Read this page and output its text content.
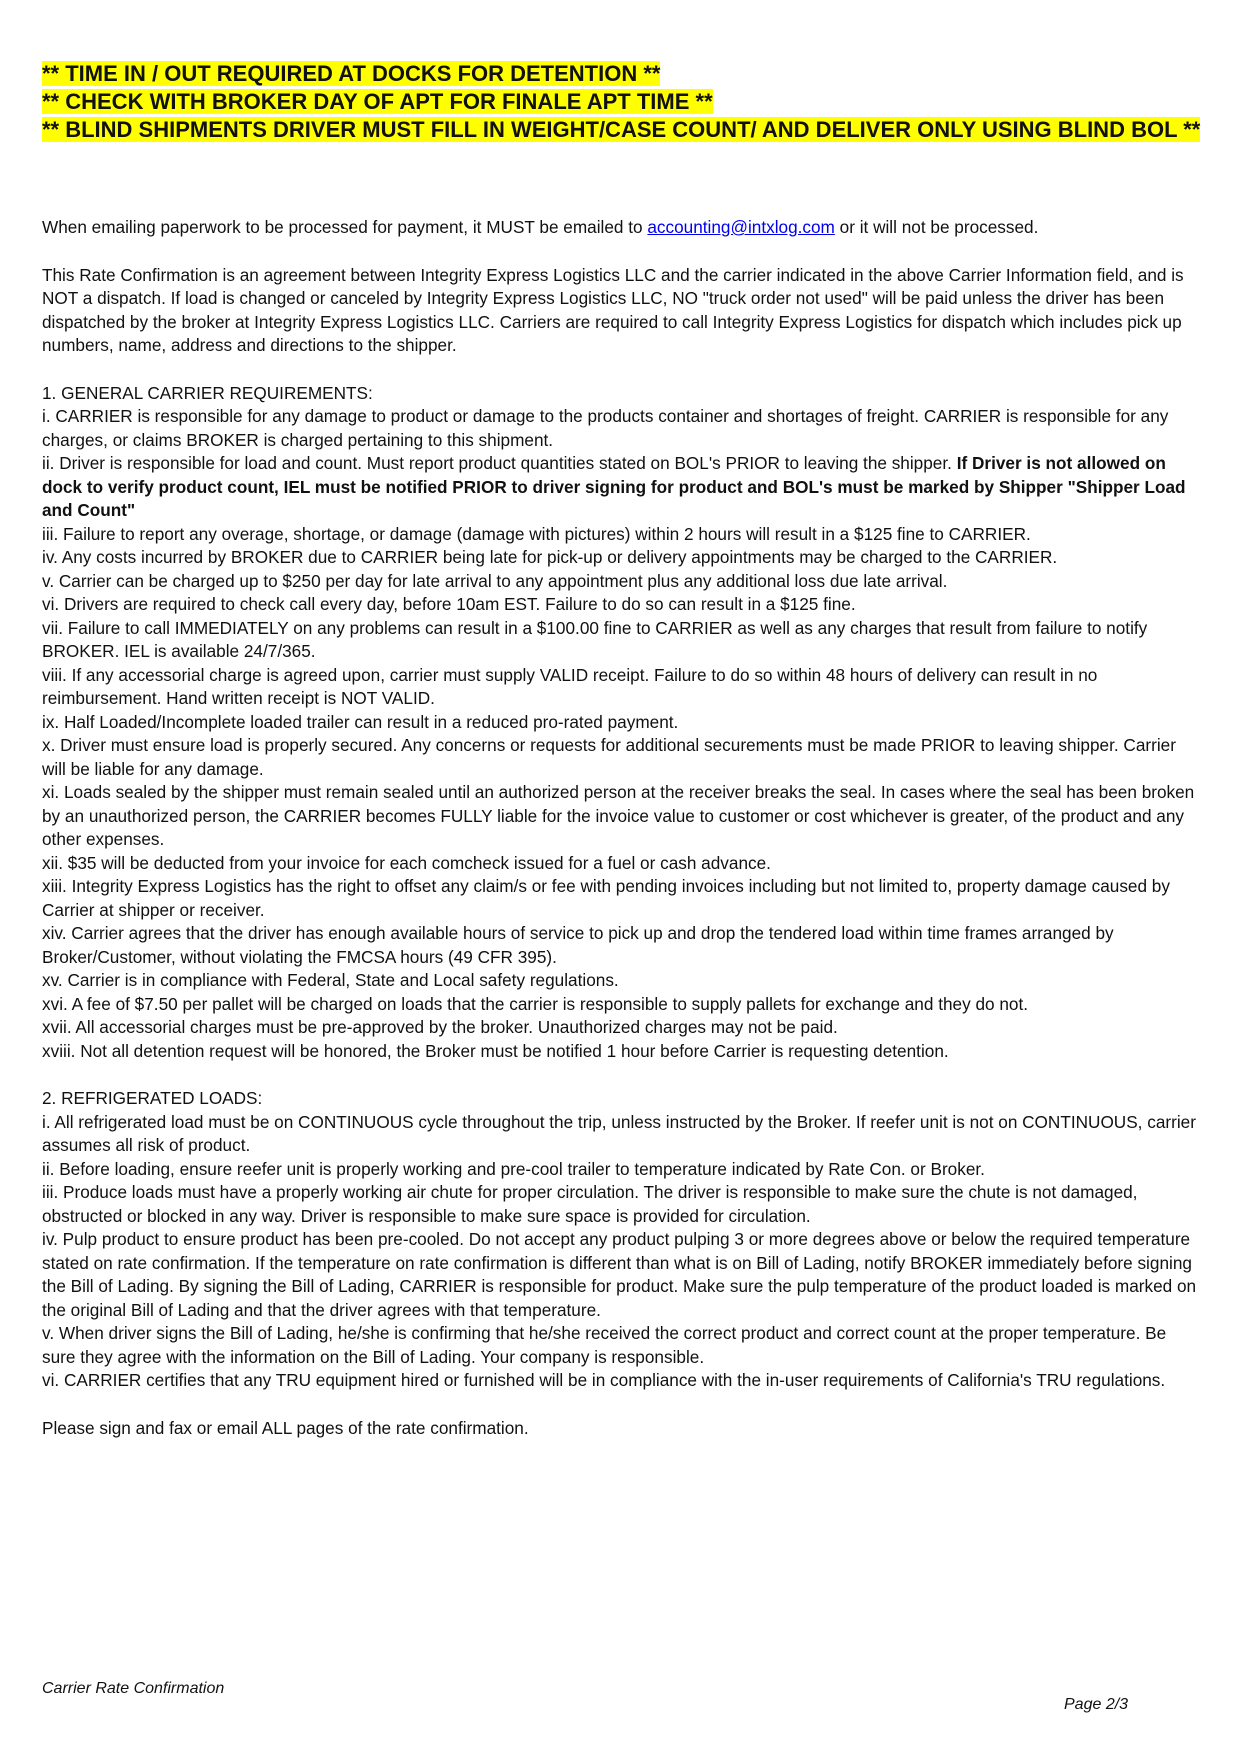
** TIME IN / OUT REQUIRED AT DOCKS FOR DETENTION **
** CHECK WITH BROKER DAY OF APT FOR FINALE APT TIME **
** BLIND SHIPMENTS DRIVER MUST FILL IN WEIGHT/CASE COUNT/ AND DELIVER ONLY USING BLIND BOL **

When emailing paperwork to be processed for payment, it MUST be emailed to accounting@intxlog.com or it will not be processed.

This Rate Confirmation is an agreement between Integrity Express Logistics LLC and the carrier indicated in the above Carrier Information field, and is NOT a dispatch. If load is changed or canceled by Integrity Express Logistics LLC, NO "truck order not used" will be paid unless the driver has been dispatched by the broker at Integrity Express Logistics LLC. Carriers are required to call Integrity Express Logistics for dispatch which includes pick up numbers, name, address and directions to the shipper.

1. GENERAL CARRIER REQUIREMENTS:

i. CARRIER is responsible for any damage to product or damage to the products container and shortages of freight. CARRIER is responsible for any charges, or claims BROKER is charged pertaining to this shipment.

ii. Driver is responsible for load and count. Must report product quantities stated on BOL's PRIOR to leaving the shipper. If Driver is not allowed on dock to verify product count, IEL must be notified PRIOR to driver signing for product and BOL's must be marked by Shipper "Shipper Load and Count"

iii. Failure to report any overage, shortage, or damage (damage with pictures) within 2 hours will result in a $125 fine to CARRIER.

iv. Any costs incurred by BROKER due to CARRIER being late for pick-up or delivery appointments may be charged to the CARRIER.

v. Carrier can be charged up to $250 per day for late arrival to any appointment plus any additional loss due late arrival.

vi. Drivers are required to check call every day, before 10am EST. Failure to do so can result in a $125 fine.

vii. Failure to call IMMEDIATELY on any problems can result in a $100.00 fine to CARRIER as well as any charges that result from failure to notify BROKER. IEL is available 24/7/365.

viii. If any accessorial charge is agreed upon, carrier must supply VALID receipt. Failure to do so within 48 hours of delivery can result in no reimbursement. Hand written receipt is NOT VALID.

ix. Half Loaded/Incomplete loaded trailer can result in a reduced pro-rated payment.

x. Driver must ensure load is properly secured. Any concerns or requests for additional securements must be made PRIOR to leaving shipper. Carrier will be liable for any damage.

xi. Loads sealed by the shipper must remain sealed until an authorized person at the receiver breaks the seal. In cases where the seal has been broken by an unauthorized person, the CARRIER becomes FULLY liable for the invoice value to customer or cost whichever is greater, of the product and any other expenses.

xii. $35 will be deducted from your invoice for each comcheck issued for a fuel or cash advance.

xiii. Integrity Express Logistics has the right to offset any claim/s or fee with pending invoices including but not limited to, property damage caused by Carrier at shipper or receiver.

xiv. Carrier agrees that the driver has enough available hours of service to pick up and drop the tendered load within time frames arranged by Broker/Customer, without violating the FMCSA hours (49 CFR 395).

xv. Carrier is in compliance with Federal, State and Local safety regulations.

xvi. A fee of $7.50 per pallet will be charged on loads that the carrier is responsible to supply pallets for exchange and they do not.

xvii. All accessorial charges must be pre-approved by the broker. Unauthorized charges may not be paid.

xviii. Not all detention request will be honored, the Broker must be notified 1 hour before Carrier is requesting detention.

2. REFRIGERATED LOADS:

i. All refrigerated load must be on CONTINUOUS cycle throughout the trip, unless instructed by the Broker. If reefer unit is not on CONTINUOUS, carrier assumes all risk of product.

ii. Before loading, ensure reefer unit is properly working and pre-cool trailer to temperature indicated by Rate Con. or Broker.

iii. Produce loads must have a properly working air chute for proper circulation. The driver is responsible to make sure the chute is not damaged, obstructed or blocked in any way. Driver is responsible to make sure space is provided for circulation.

iv. Pulp product to ensure product has been pre-cooled. Do not accept any product pulping 3 or more degrees above or below the required temperature stated on rate confirmation. If the temperature on rate confirmation is different than what is on Bill of Lading, notify BROKER immediately before signing the Bill of Lading. By signing the Bill of Lading, CARRIER is responsible for product. Make sure the pulp temperature of the product loaded is marked on the original Bill of Lading and that the driver agrees with that temperature.

v. When driver signs the Bill of Lading, he/she is confirming that he/she received the correct product and correct count at the proper temperature. Be sure they agree with the information on the Bill of Lading. Your company is responsible.

vi. CARRIER certifies that any TRU equipment hired or furnished will be in compliance with the in-user requirements of California's TRU regulations.

Please sign and fax or email ALL pages of the rate confirmation.

Carrier Rate Confirmation
Page 2/3
